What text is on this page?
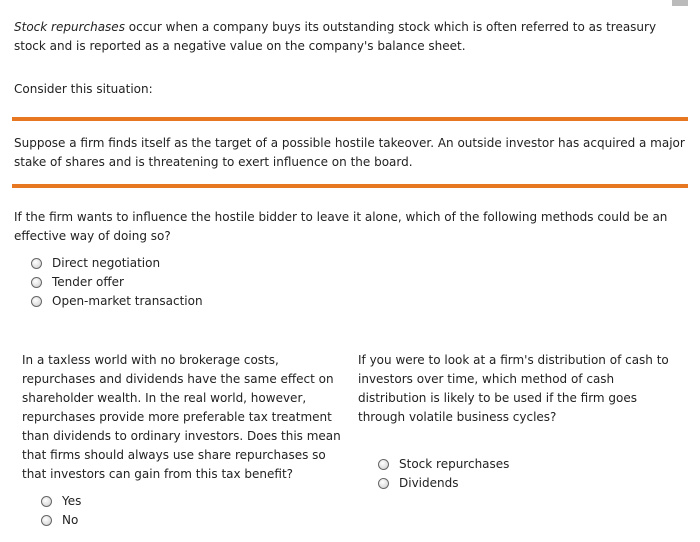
Stock repurchases occur when a company buys its outstanding stock which is often referred to as treasury stock and is reported as a negative value on the company's balance sheet.

Consider this situation:

Suppose a firm finds itself as the target of a possible hostile takeover. An outside investor has acquired a major stake of shares and is threatening to exert influence on the board.

If the firm wants to influence the hostile bidder to leave it alone, which of the following methods could be an effective way of doing so?

Direct negotiation
Tender offer
Open-market transaction

In a taxless world with no brokerage costs, repurchases and dividends have the same effect on shareholder wealth. In the real world, however, repurchases provide more preferable tax treatment than dividends to ordinary investors. Does this mean that firms should always use share repurchases so that investors can gain from this tax benefit?

Yes
No

If you were to look at a firm's distribution of cash to investors over time, which method of cash distribution is likely to be used if the firm goes through volatile business cycles?

Stock repurchases
Dividends
